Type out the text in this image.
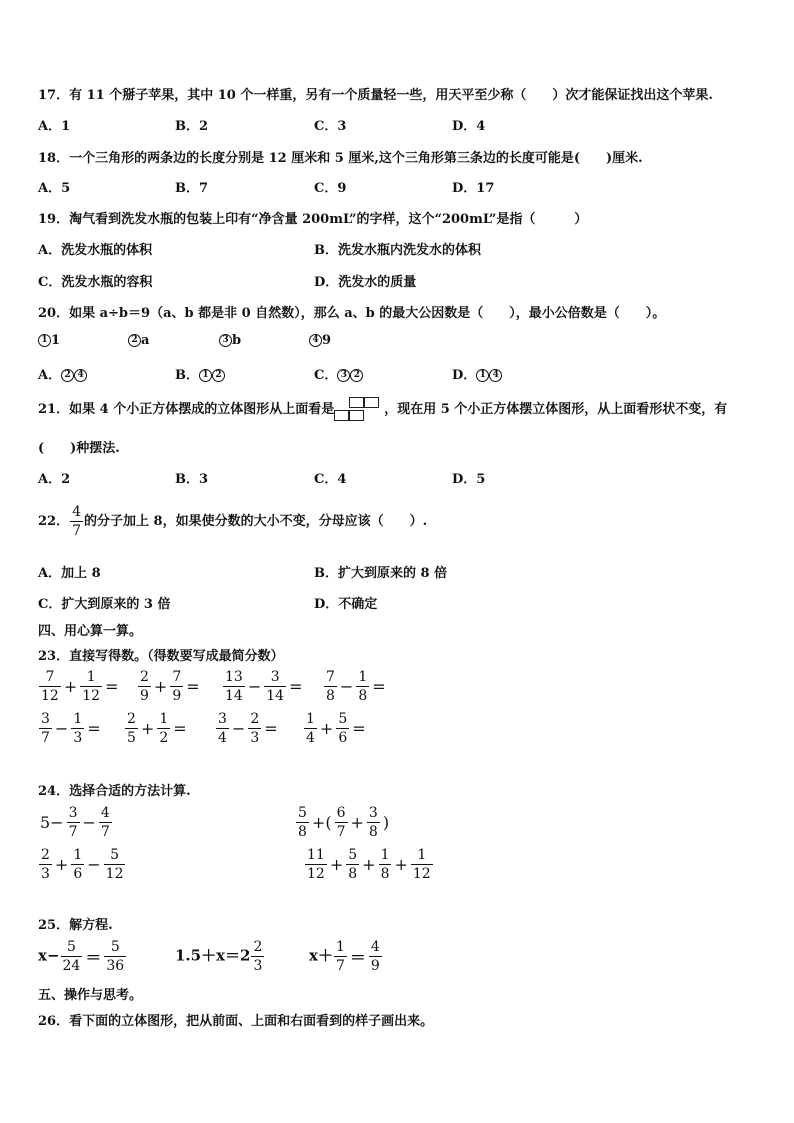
17．有 11 个掰子苹果，其中 10 个一样重，另有一个质量轻一些，用天平至少称（　　）次才能保证找出这个苹果.
A．1	B．2	C．3	D．4
18．一个三角形的两条边的长度分别是 12 厘米和 5 厘米,这个三角形第三条边的长度可能是(　　)厘米.
A．5	B．7	C．9	D．17
19．淘气看到洗发水瓶的包装上印有“净含量 200mL”的字样，这个“200mL”是指（　　　）
A．洗发水瓶的体积	B．洗发水瓶内洗发水的体积
C．洗发水瓶的容积	D．洗发水的质量
20．如果 a÷b＝9（a、b 都是非 0 自然数），那么 a、b 的最大公因数是（　　），最小公倍数是（　　）。
1 1	2 a	3 b	4 9
A． 2 4	B． 1 2	C． 3 2	D． 1 4
21．如果 4 个小正方体摆成的立体图形从上面看是	，现在用 5 个小正方体摆立体图形，从上面看形状不变，有
(　　)种摆法.
A．2	B．3	C．4	D．5
22． $\frac{4}{7}$ 的分子加上 8，如果使分数的大小不变，分母应该（　　）.
A．加上 8	B．扩大到原来的 8 倍
C．扩大到原来的 3 倍	D．不确定
四、用心算一算。
23．直接写得数。（得数要写成最简分数）
$\frac{7}{12} + \frac{1}{12} = \frac{2}{9} + \frac{7}{9} = \frac{13}{14} - \frac{3}{14} = \frac{7}{8} - \frac{1}{8}$ =
$\frac{3}{7} - \frac{1}{3} = \frac{2}{5} + \frac{1}{2} = \frac{3}{4} - \frac{2}{3} = \frac{1}{4} + \frac{5}{6}$ =
24．选择合适的方法计算.
$5- \frac{3}{7} - \frac{4}{7}$	$\frac{5}{8}$ +( $\frac{6}{7} + \frac{3}{8}$ )
$\frac{2}{3} + \frac{1}{6} - \frac{5}{12}$	$\frac{11}{12} + \frac{5}{8} + \frac{1}{8} + \frac{1}{12}$
25．解方程.
$x- \frac{5}{24} = \frac{5}{36}$	$1.5+x=2 \frac{2}{3}$	$x+ \frac{1}{7} = \frac{4}{9}$
五、操作与思考。
26．看下面的立体图形，把从前面、上面和右面看到的样子画出来。
